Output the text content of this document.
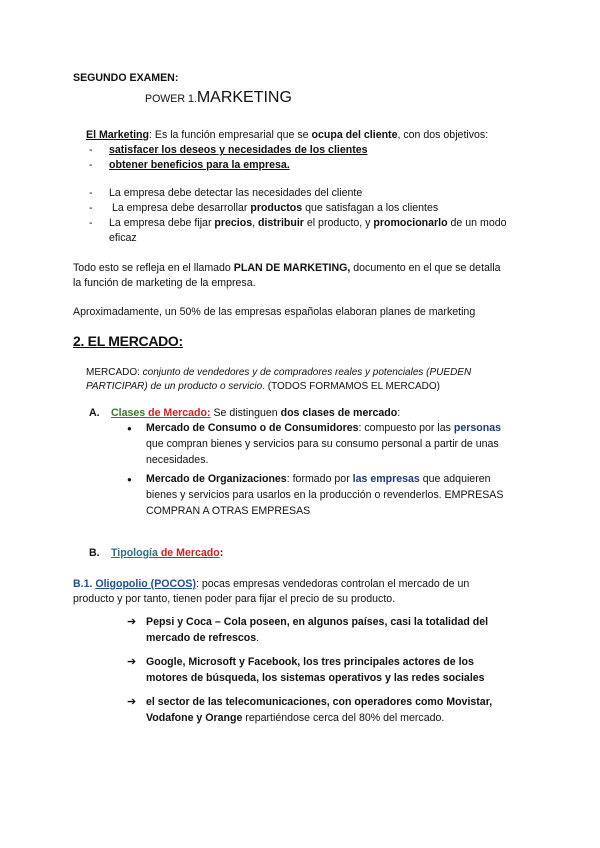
SEGUNDO EXAMEN:
POWER 1.MARKETING
El Marketing: Es la función empresarial que se ocupa del cliente, con dos objetivos:
- satisfacer los deseos y necesidades de los clientes
- obtener beneficios para la empresa.
- La empresa debe detectar las necesidades del cliente
- La empresa debe desarrollar productos que satisfagan a los clientes
- La empresa debe fijar precios, distribuir el producto, y promocionarlo de un modo
eficaz
Todo esto se refleja en el llamado PLAN DE MARKETING, documento en el que se detalla
la función de marketing de la empresa.
Aproximadamente, un 50% de las empresas españolas elaboran planes de marketing
2. EL MERCADO:
MERCADO: conjunto de vendedores y de compradores reales y potenciales (PUEDEN
PARTICIPAR) de un producto o servicio. (TODOS FORMAMOS EL MERCADO)
A. Clases de Mercado: Se distinguen dos clases de mercado:
●	Mercado de Consumo o de Consumidores: compuesto por las personas
que compran bienes y servicios para su consumo personal a partir de unas
necesidades.
●	Mercado de Organizaciones: formado por las empresas que adquieren
bienes y servicios para usarlos en la producción o revenderlos. EMPRESAS
COMPRAN A OTRAS EMPRESAS
B. Tipología de Mercado:
B.1. Oligopolio (POCOS): pocas empresas vendedoras controlan el mercado de un
producto y por tanto, tienen poder para fijar el precio de su producto.
➔ Pepsi y Coca – Cola poseen, en algunos países, casi la totalidad del
mercado de refrescos.
➔ Google, Microsoft y Facebook, los tres principales actores de los
motores de búsqueda, los sistemas operativos y las redes sociales
➔ el sector de las telecomunicaciones, con operadores como Movistar,
Vodafone y Orange repartiéndose cerca del 80% del mercado.
